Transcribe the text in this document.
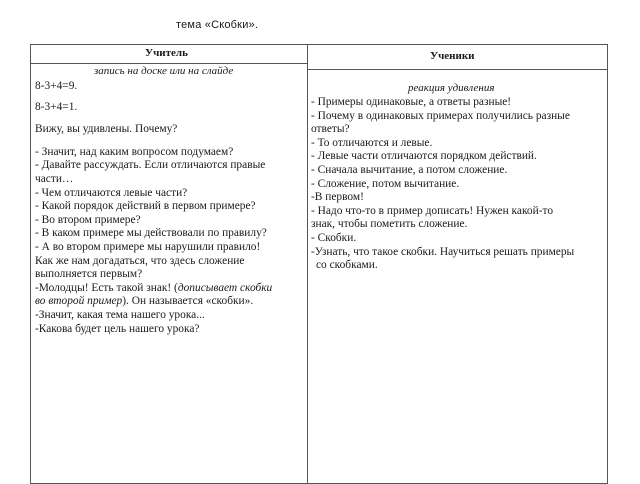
тема «Скобки».
Учитель	Ученики
запись на доске или на слайде
реакция удивления
8-3+4=9.
8-3+4=1.
Вижу, вы удивлены. Почему?
- Значит, над каким вопросом подумаем?
- Давайте рассуждать. Если отличаются правые
части…
- Чем отличаются левые части?
- Какой порядок действий в первом примере?
- Во втором примере?
- В каком примере мы действовали по правилу?
- А во втором примере мы нарушили правило!
Как же нам догадаться, что здесь сложение
выполняется первым?
-Молодцы! Есть такой знак! (дописывает скобки
во второй пример). Он называется «скобки».
-Значит, какая тема нашего урока...
-Какова будет цель нашего урока?
- Примеры одинаковые, а ответы разные!
- Почему в одинаковых примерах получились разные
ответы?
- То отличаются и левые.
- Левые части отличаются порядком действий.
- Сначала вычитание, а потом сложение.
- Сложение, потом вычитание.
-В первом!
- Надо что-то в пример дописать! Нужен какой-то
знак, чтобы пометить сложение.
- Скобки.
-Узнать, что такое скобки. Научиться решать примеры
со скобками.
